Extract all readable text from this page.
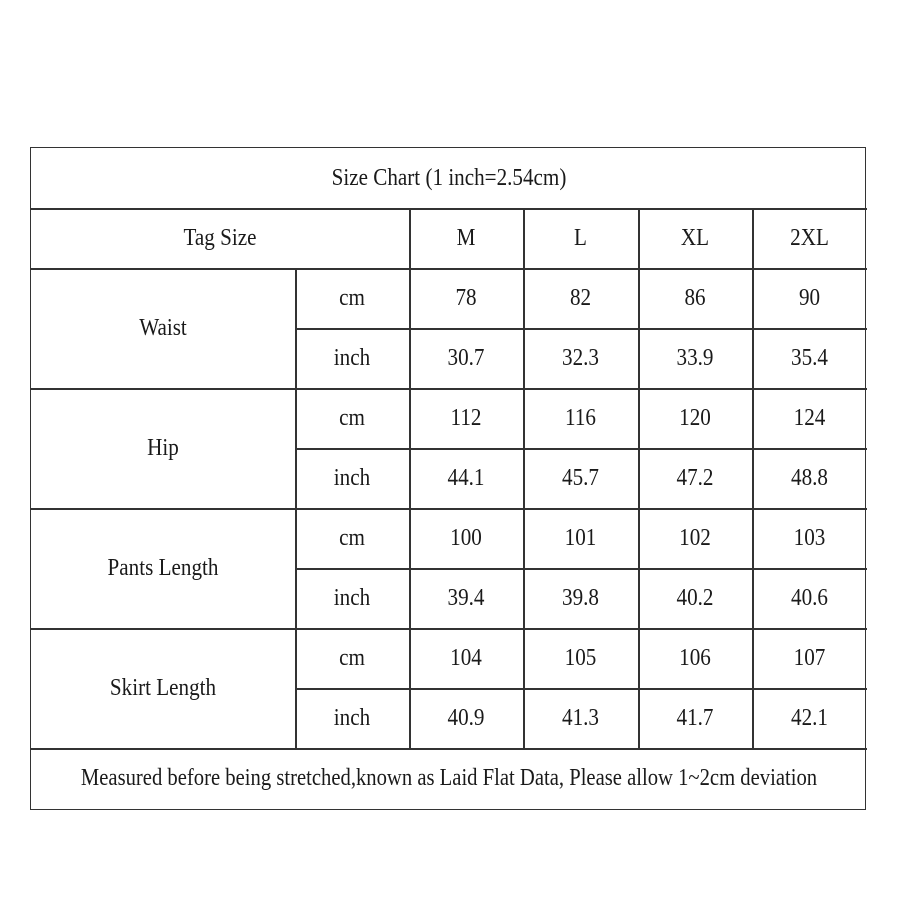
Size Chart (1 inch=2.54cm)
Tag Size	M	L	XL	2XL
Waist
cm	78	82	86	90
inch	30.7	32.3	33.9	35.4
Hip
cm	112	116	120	124
inch	44.1	45.7	47.2	48.8
Pants Length
cm	100	101	102	103
inch	39.4	39.8	40.2	40.6
Skirt Length
cm	104	105	106	107
inch	40.9	41.3	41.7	42.1
Measured before being stretched,known as Laid Flat Data, Please allow 1~2cm deviation
